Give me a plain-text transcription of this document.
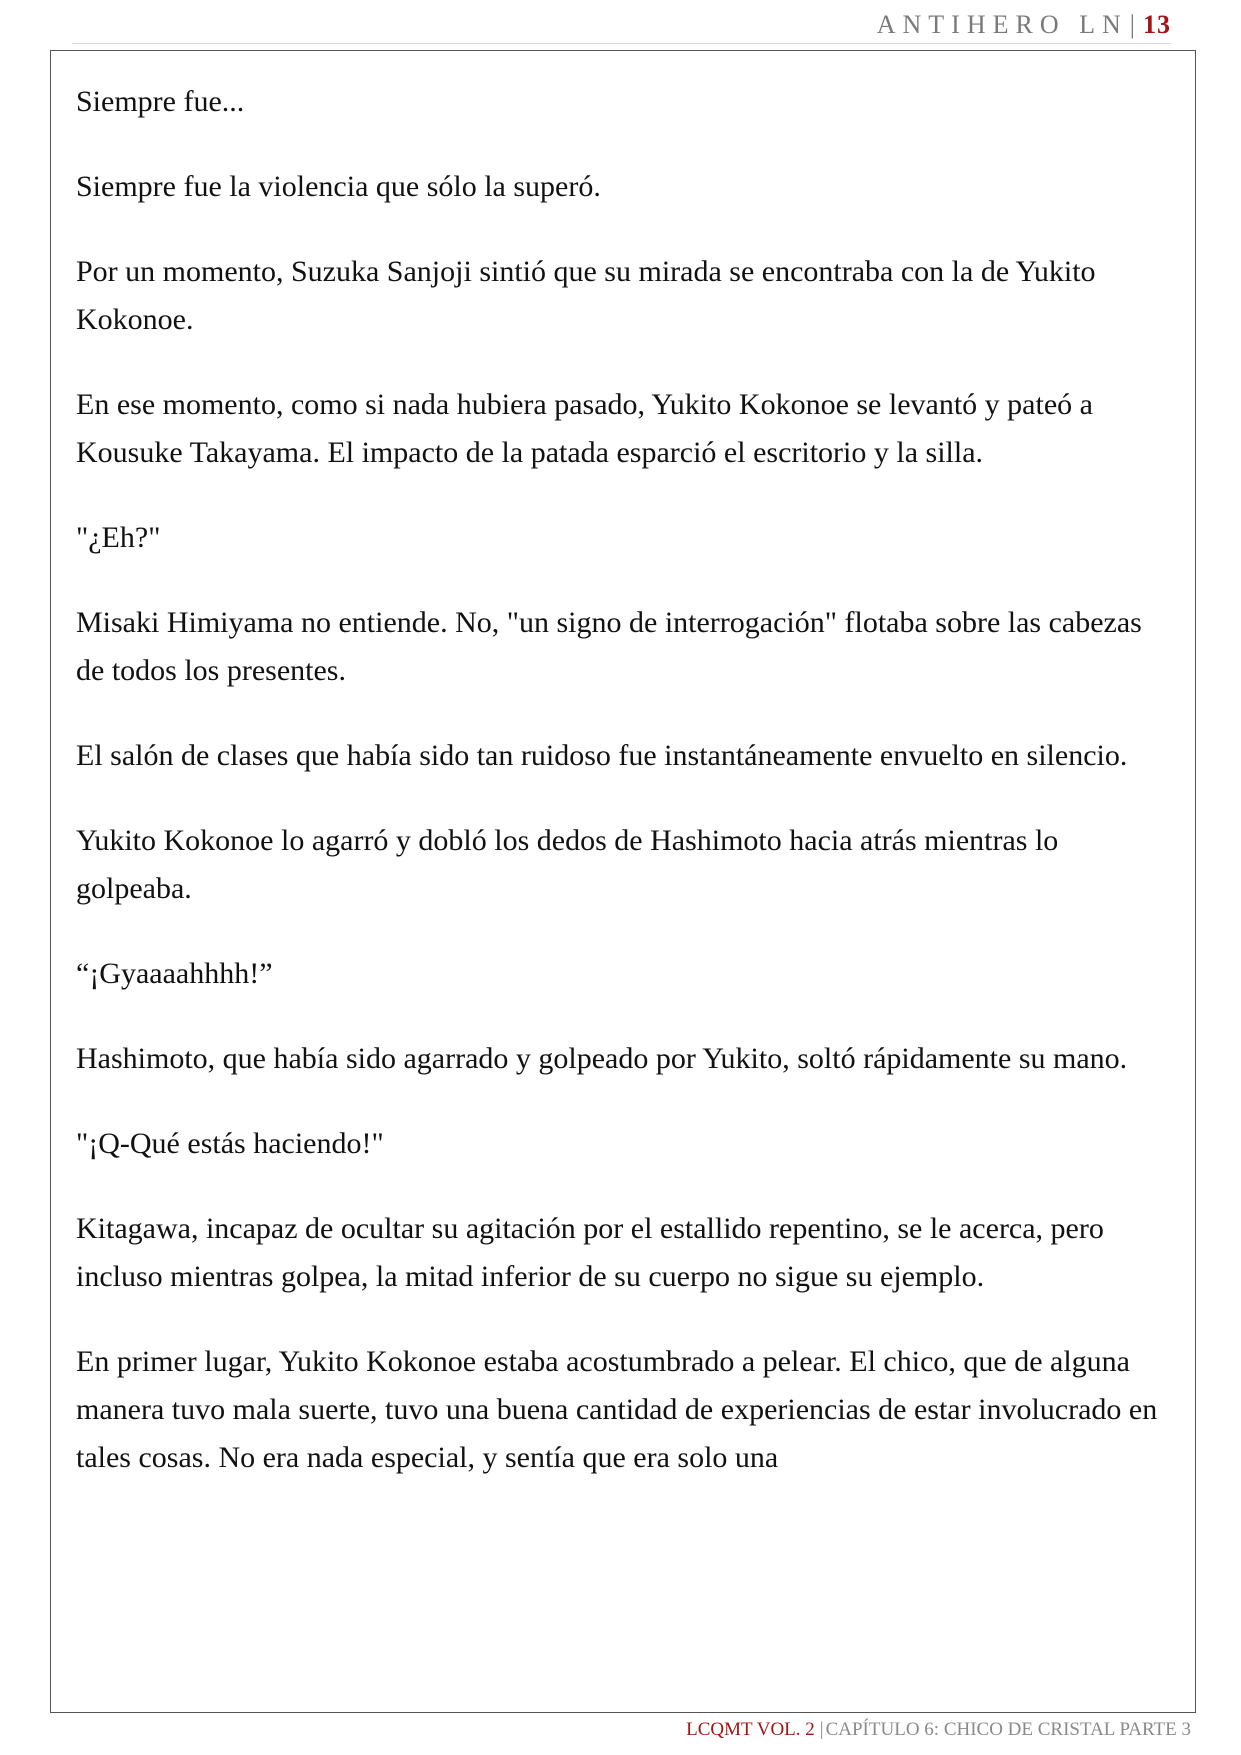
ANTIHERO LN | 13

Siempre fue...

Siempre fue la violencia que sólo la superó.

Por un momento, Suzuka Sanjoji sintió que su mirada se encontraba con la de Yukito Kokonoe.

En ese momento, como si nada hubiera pasado, Yukito Kokonoe se levantó y pateó a Kousuke Takayama. El impacto de la patada esparció el escritorio y la silla.

"¿Eh?"

Misaki Himiyama no entiende. No, "un signo de interrogación" flotaba sobre las cabezas de todos los presentes.

El salón de clases que había sido tan ruidoso fue instantáneamente envuelto en silencio.

Yukito Kokonoe lo agarró y dobló los dedos de Hashimoto hacia atrás mientras lo golpeaba.

“¡Gyaaaahhhh!”

Hashimoto, que había sido agarrado y golpeado por Yukito, soltó rápidamente su mano.

"¡Q-Qué estás haciendo!"

Kitagawa, incapaz de ocultar su agitación por el estallido repentino, se le acerca, pero incluso mientras golpea, la mitad inferior de su cuerpo no sigue su ejemplo.

En primer lugar, Yukito Kokonoe estaba acostumbrado a pelear. El chico, que de alguna manera tuvo mala suerte, tuvo una buena cantidad de experiencias de estar involucrado en tales cosas. No era nada especial, y sentía que era solo una

LCQMT VOL. 2 | CAPÍTULO 6: CHICO DE CRISTAL PARTE 3
